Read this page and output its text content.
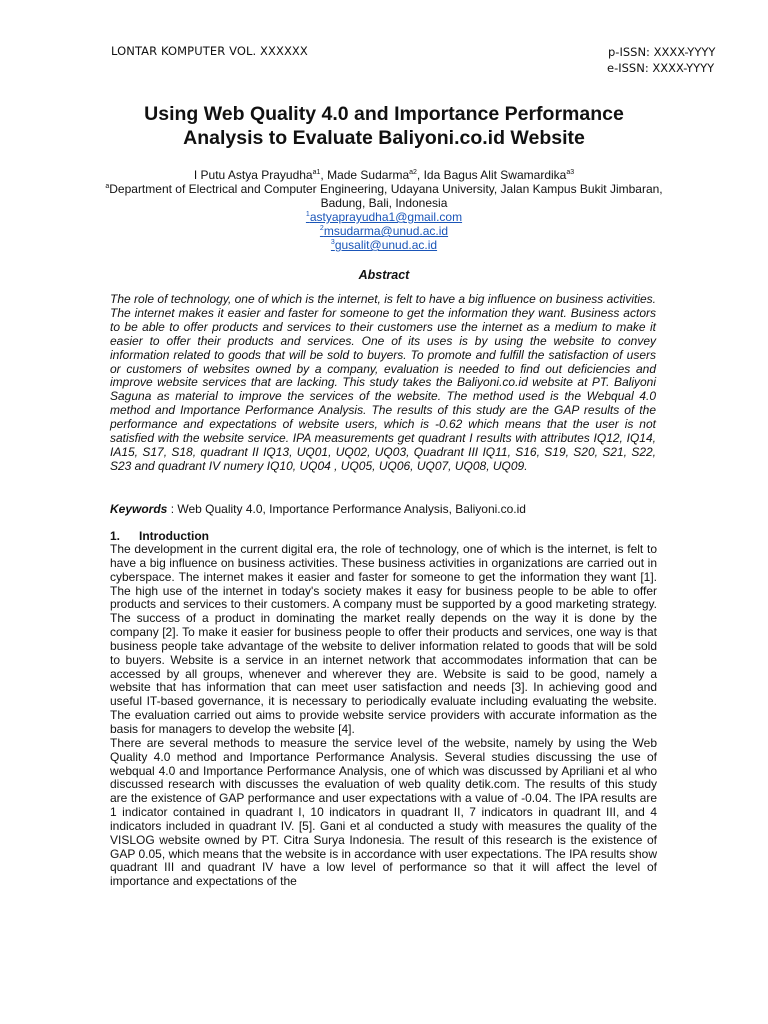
LONTAR KOMPUTER VOL. XXXXXX	p-ISSN: XXXX-YYYY
e-ISSN: XXXX-YYYY
Using Web Quality 4.0 and Importance Performance
Analysis to Evaluate Baliyoni.co.id Website
I Putu Astya Prayudha$^{a1}$, Made Sudarma$^{a2}$, Ida Bagus Alit Swamardika$^{a3}$
$^a$Department of Electrical and Computer Engineering, Udayana University, Jalan Kampus Bukit Jimbaran, Badung, Bali, Indonesia
$^1$astyaprayudha1@gmail.com
$^2$msudarma@unud.ac.id
$^3$gusalit@unud.ac.id
Abstract

The role of technology, one of which is the internet, is felt to have a big influence on business activities. The internet makes it easier and faster for someone to get the information they want. Business actors to be able to offer products and services to their customers use the internet as a medium to make it easier to offer their products and services. One of its uses is by using the website to convey information related to goods that will be sold to buyers. To promote and fulfill the satisfaction of users or customers of websites owned by a company, evaluation is needed to find out deficiencies and improve website services that are lacking. This study takes the Baliyoni.co.id website at PT. Baliyoni Saguna as material to improve the services of the website. The method used is the Webqual 4.0 method and Importance Performance Analysis. The results of this study are the GAP results of the performance and expectations of website users, which is -0.62 which means that the user is not satisfied with the website service. IPA measurements get quadrant I results with attributes IQ12, IQ14, IA15, S17, S18, quadrant II IQ13, UQ01, UQ02, UQ03, Quadrant III IQ11, S16, S19, S20, S21, S22, S23 and quadrant IV numery IQ10, UQ04 , UQ05, UQ06, UQ07, UQ08, UQ09.

Keywords : Web Quality 4.0, Importance Performance Analysis, Baliyoni.co.id
1. Introduction

The development in the current digital era, the role of technology, one of which is the internet, is felt to have a big influence on business activities. These business activities in organizations are carried out in cyberspace. The internet makes it easier and faster for someone to get the information they want [1]. The high use of the internet in today's society makes it easy for business people to be able to offer products and services to their customers. A company must be supported by a good marketing strategy. The success of a product in dominating the market really depends on the way it is done by the company [2]. To make it easier for business people to offer their products and services, one way is that business people take advantage of the website to deliver information related to goods that will be sold to buyers. Website is a service in an internet network that accommodates information that can be accessed by all groups, whenever and wherever they are. Website is said to be good, namely a website that has information that can meet user satisfaction and needs [3]. In achieving good and useful IT-based governance, it is necessary to periodically evaluate including evaluating the website. The evaluation carried out aims to provide website service providers with accurate information as the basis for managers to develop the website [4].

There are several methods to measure the service level of the website, namely by using the Web Quality 4.0 method and Importance Performance Analysis. Several studies discussing the use of webqual 4.0 and Importance Performance Analysis, one of which was discussed by Apriliani et al who discussed research with discusses the evaluation of web quality detik.com. The results of this study are the existence of GAP performance and user expectations with a value of -0.04. The IPA results are 1 indicator contained in quadrant I, 10 indicators in quadrant II, 7 indicators in quadrant III, and 4 indicators included in quadrant IV. [5]. Gani et al conducted a study with measures the quality of the VISLOG website owned by PT. Citra Surya Indonesia. The result of this research is the existence of GAP 0.05, which means that the website is in accordance with user expectations. The IPA results show quadrant III and quadrant IV have a low level of performance so that it will affect the level of importance and expectations of the
